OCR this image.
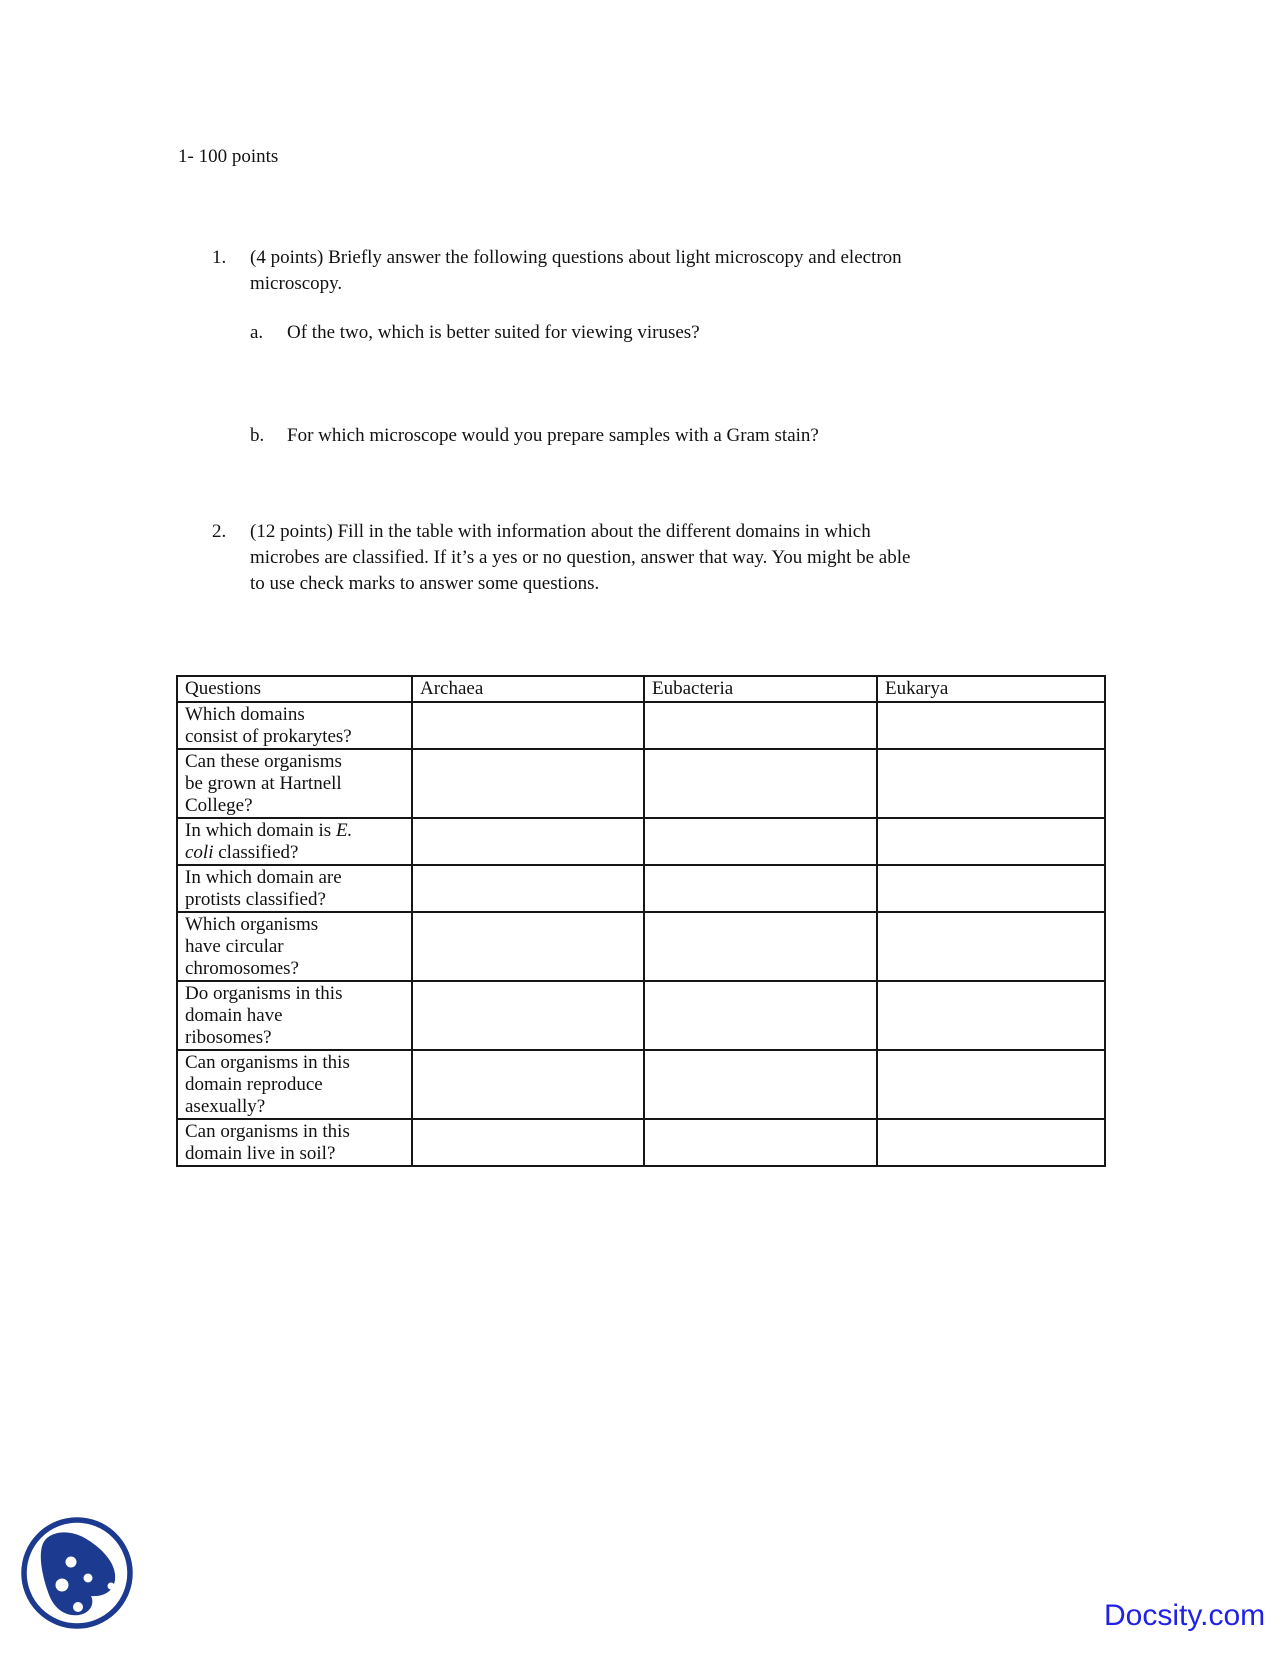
1- 100 points
1.	(4 points) Briefly answer the following questions about light microscopy and electron
microscopy.
a.	Of the two, which is better suited for viewing viruses?
b.	For which microscope would you prepare samples with a Gram stain?
2.	(12 points) Fill in the table with information about the different domains in which
microbes are classified. If it’s a yes or no question, answer that way. You might be able
to use check marks to answer some questions.
Questions	Archaea	Eubacteria	Eukarya

Which domains
consist of prokarytes?			

Can these organisms
be grown at Hartnell
College?			

In which domain is E.
coli classified?			

In which domain are
protists classified?			

Which organisms
have circular
chromosomes?			

Do organisms in this
domain have
ribosomes?			

Can organisms in this
domain reproduce
asexually?			

Can organisms in this
domain live in soil?			

Docsity.com
